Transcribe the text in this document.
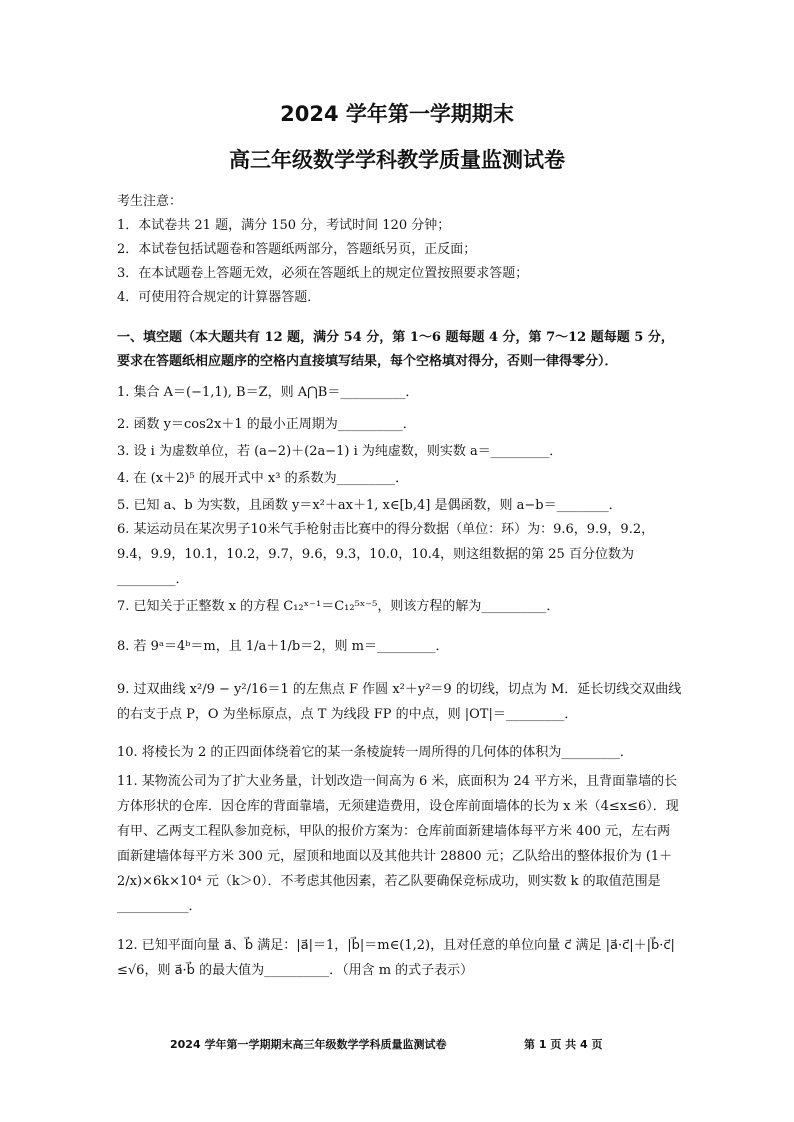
2024 学年第一学期期末
高三年级数学学科教学质量监测试卷
考生注意：
1．本试卷共 21 题，满分 150 分，考试时间 120 分钟；
2．本试卷包括试题卷和答题纸两部分，答题纸另页，正反面；
3．在本试题卷上答题无效，必须在答题纸上的规定位置按照要求答题；
4．可使用符合规定的计算器答题．
一、填空题（本大题共有 12 题，满分 54 分，第 1～6 题每题 4 分，第 7～12 题每题 5 分，要求在答题纸相应题序的空格内直接填写结果，每个空格填对得分，否则一律得零分）．
1. 集合 A＝(−1,1), B＝Z，则 A⋂B＝__________．
2. 函数 y＝cos2x＋1 的最小正周期为__________．
3. 设 i 为虚数单位，若 (a−2)＋(2a−1) i 为纯虚数，则实数 a＝_________．
4. 在 (x＋2)⁵ 的展开式中 x³ 的系数为_________．
5. 已知 a、b 为实数，且函数 y＝x²＋ax＋1, x∈[b,4] 是偶函数，则 a−b＝________．
6. 某运动员在某次男子10米气手枪射击比赛中的得分数据（单位：环）为：9.6，9.9，9.2，9.4，9.9，10.1，10.2，9.7，9.6，9.3，10.0，10.4，则这组数据的第 25 百分位数为_________．
7. 已知关于正整数 x 的方程 C₁₂ˣ⁻¹＝C₁₂⁵ˣ⁻⁵，则该方程的解为__________．
8. 若 9ᵃ＝4ᵇ＝m，且 1/a＋1/b＝2，则 m＝_________．
9. 过双曲线 x²/9 − y²/16＝1 的左焦点 F 作圆 x²＋y²＝9 的切线，切点为 M．延长切线交双曲线的右支于点 P，O 为坐标原点，点 T 为线段 FP 的中点，则 |OT|＝_________．
10. 将棱长为 2 的正四面体绕着它的某一条棱旋转一周所得的几何体的体积为_________．
11. 某物流公司为了扩大业务量，计划改造一间高为 6 米，底面积为 24 平方米，且背面靠墙的长方体形状的仓库．因仓库的背面靠墙，无须建造费用，设仓库前面墙体的长为 x 米（4≤x≤6）．现有甲、乙两支工程队参加竞标，甲队的报价方案为：仓库前面新建墙体每平方米 400 元，左右两面新建墙体每平方米 300 元，屋顶和地面以及其他共计 28800 元；乙队给出的整体报价为 (1＋2/x)×6k×10⁴ 元（k＞0）．不考虑其他因素，若乙队要确保竞标成功，则实数 k 的取值范围是___________．
12. 已知平面向量 a⃗、b⃗ 满足：|a⃗|＝1，|b⃗|＝m∈(1,2)，且对任意的单位向量 c⃗ 满足 |a⃗·c⃗|＋|b⃗·c⃗|≤√6，则 a⃗·b⃗ 的最大值为__________．（用含 m 的式子表示）
2024 学年第一学期期末高三年级数学学科质量监测试卷	第 1 页 共 4 页
